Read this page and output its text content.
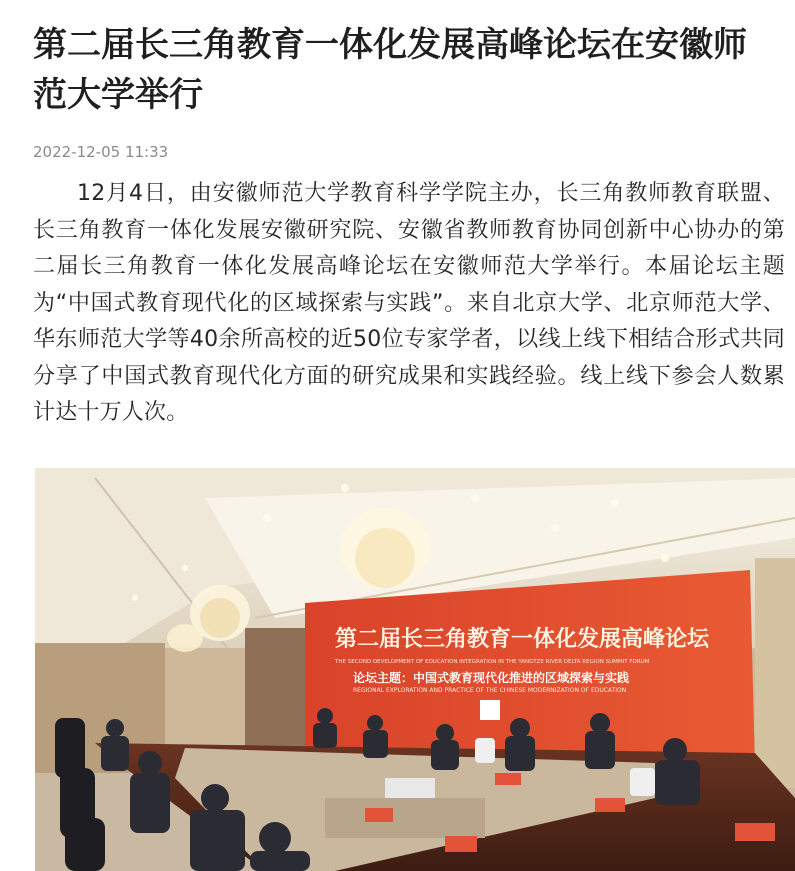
第二届长三角教育一体化发展高峰论坛在安徽师范大学举行
2022-12-05 11:33

12月4日，由安徽师范大学教育科学学院主办，长三角教师教育联盟、长三角教育一体化发展安徽研究院、安徽省教师教育协同创新中心协办的第二届长三角教育一体化发展高峰论坛在安徽师范大学举行。本届论坛主题为“中国式教育现代化的区域探索与实践”。来自北京大学、北京师范大学、华东师范大学等40余所高校的近50位专家学者，以线上线下相结合形式共同分享了中国式教育现代化方面的研究成果和实践经验。线上线下参会人数累计达十万人次。

第二届长三角教育一体化发展高峰论坛
THE SECOND DEVELOPMENT OF EDUCATION INTEGRATION IN THE YANGTZE RIVER DELTA REGION SUMMIT FORUM
论坛主题：中国式教育现代化推进的区域探索与实践
REGIONAL EXPLORATION AND PRACTICE OF THE CHINESE MODERNIZATION OF EDUCATION
